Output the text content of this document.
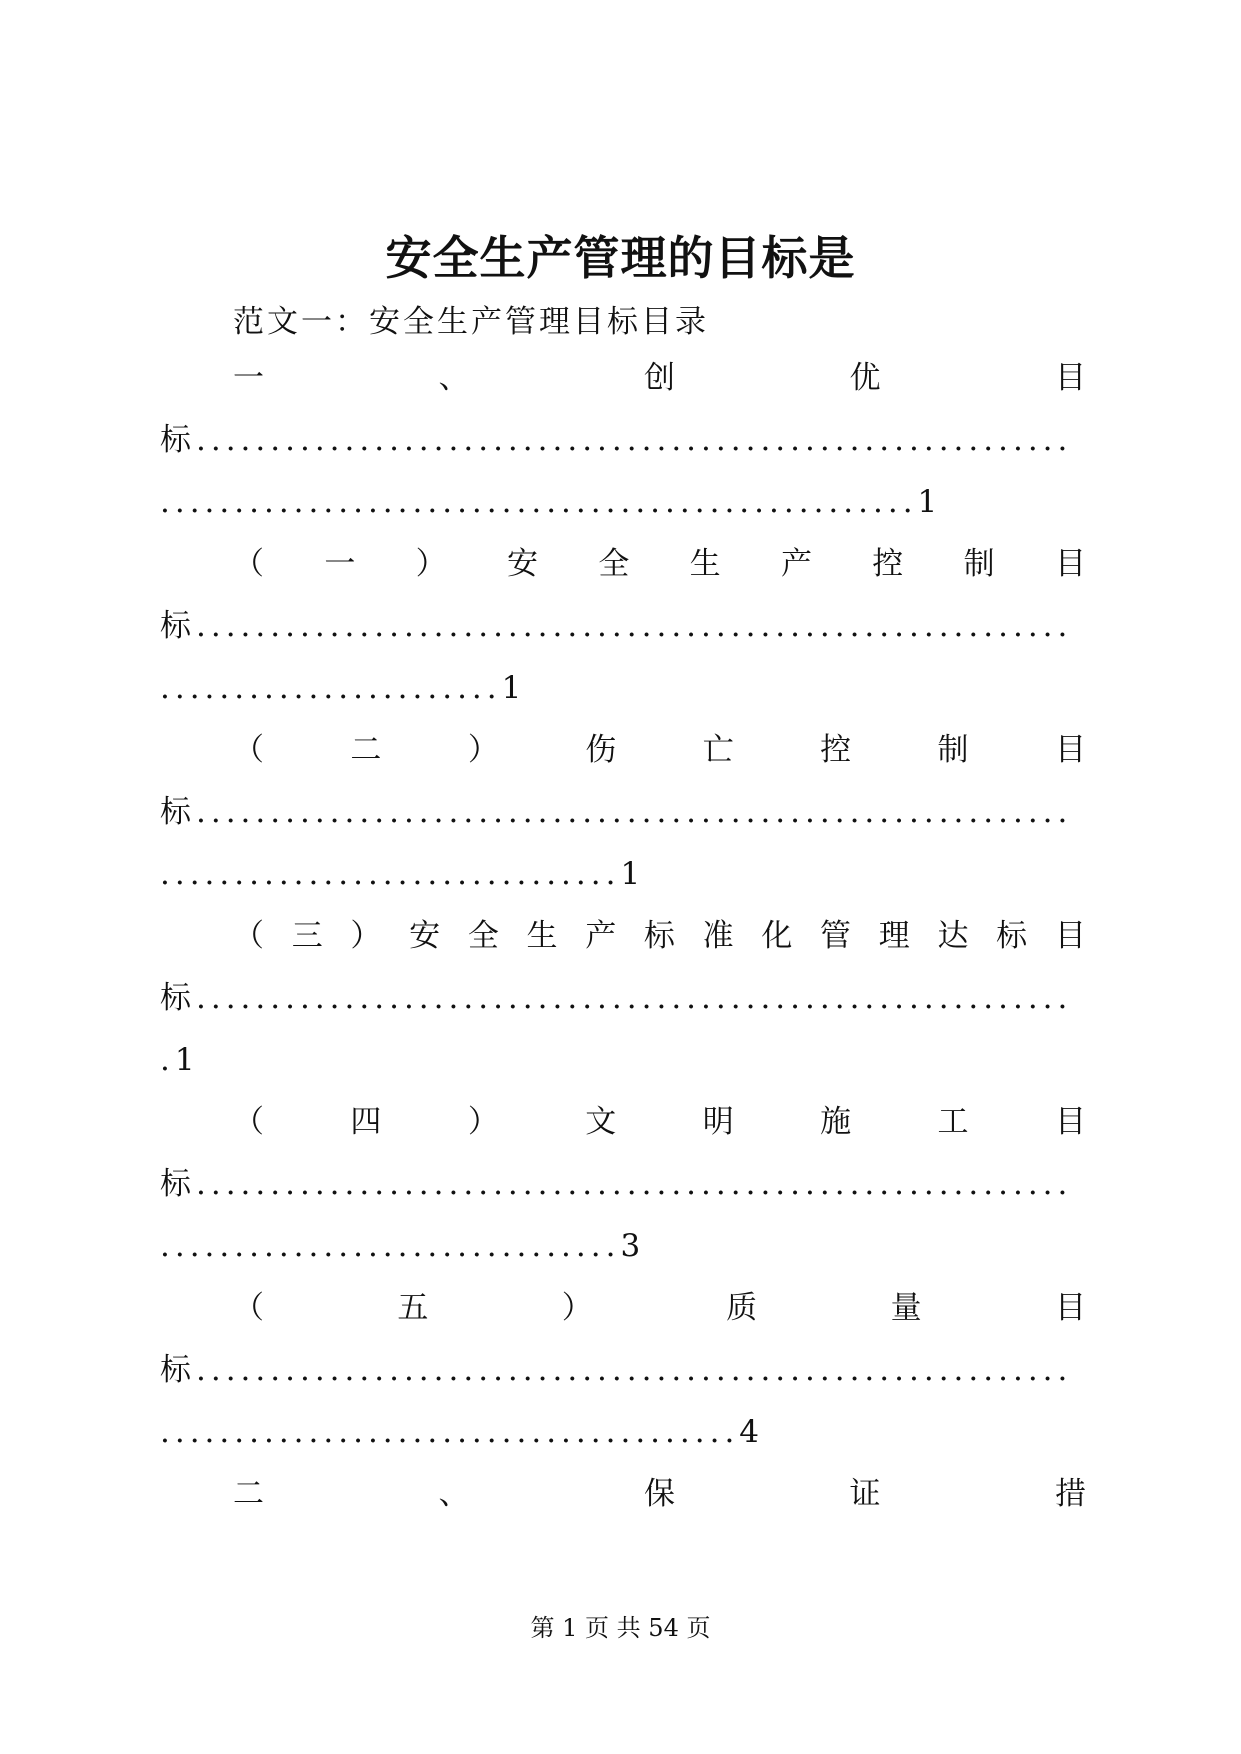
安全生产管理的目标是
范文一：安全生产管理目标目录
一	、	创	优	目
标...........................................................
...................................................1
（ 一 ） 安 全 生 产 控 制 目
标...........................................................
.......................1
（	二	）	伤	亡	控	制	目
标...........................................................
...............................1
（ 三 ） 安 全 生 产 标 准 化 管 理 达 标 目
标...........................................................
.1
（	四	）	文	明	施	工	目
标...........................................................
...............................3
（	五	）	质	量	目
标...........................................................
.......................................4
二	、	保	证	措
第 1 页 共 54 页
